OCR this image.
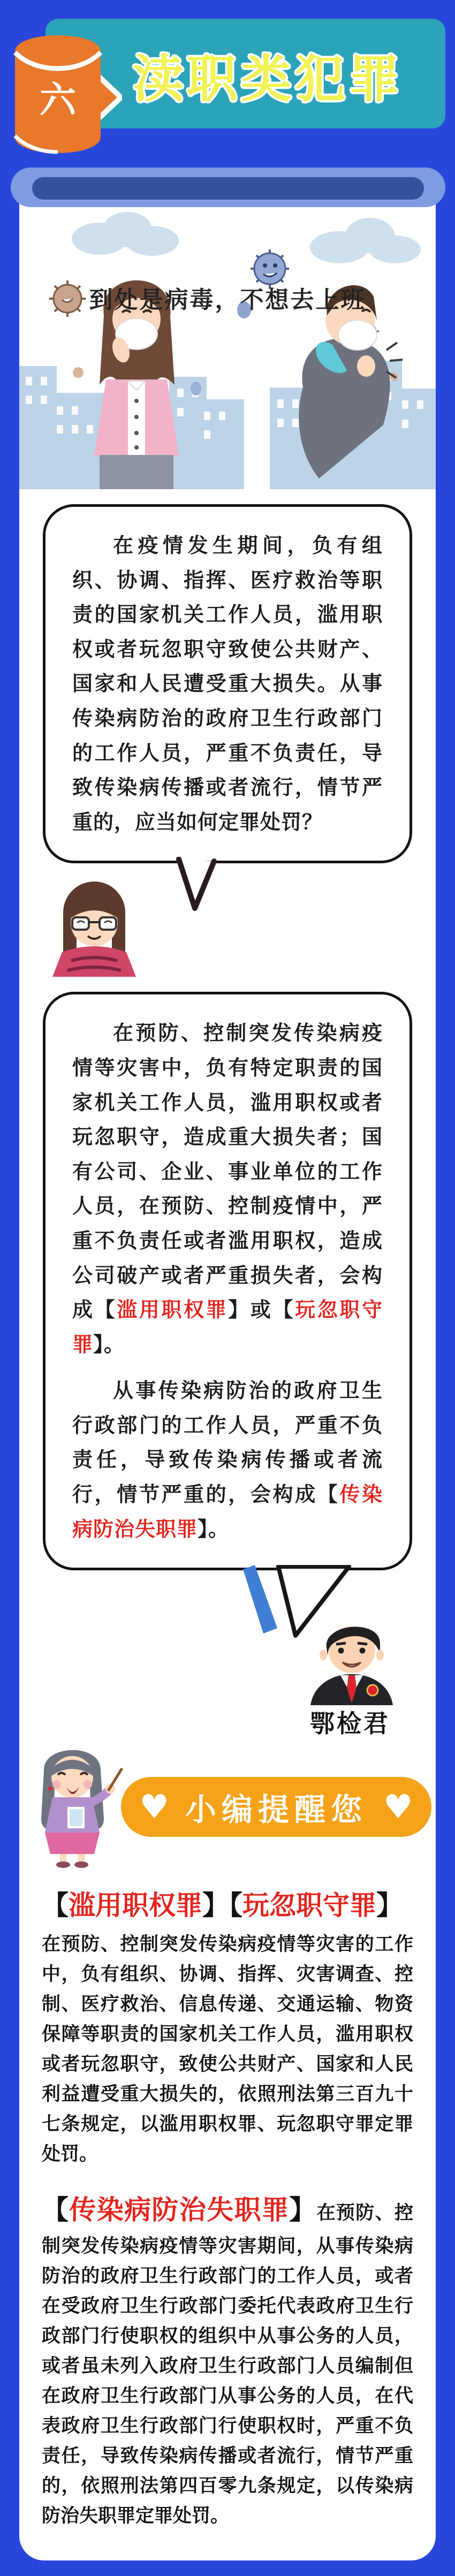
渎职类犯罪
六
到处是病毒，不想去上班

在疫情发生期间，负有组织、协调、指挥、医疗救治等职责的国家机关工作人员，滥用职权或者玩忽职守致使公共财产、国家和人民遭受重大损失。从事传染病防治的政府卫生行政部门的工作人员，严重不负责任，导致传染病传播或者流行，情节严重的，应当如何定罪处罚？

在预防、控制突发传染病疫情等灾害中，负有特定职责的国家机关工作人员，滥用职权或者玩忽职守，造成重大损失者；国有公司、企业、事业单位的工作人员，在预防、控制疫情中，严重不负责任或者滥用职权，造成公司破产或者严重损失者，会构成【滥用职权罪】或【玩忽职守罪】。

从事传染病防治的政府卫生行政部门的工作人员，严重不负责任，导致传染病传播或者流行，情节严重的，会构成【传染病防治失职罪】。

鄂检君
♥ 小编提醒您 ♥
【滥用职权罪】【玩忽职守罪】
在预防、控制突发传染病疫情等灾害的工作中，负有组织、协调、指挥、灾害调查、控制、医疗救治、信息传递、交通运输、物资保障等职责的国家机关工作人员，滥用职权或者玩忽职守，致使公共财产、国家和人民利益遭受重大损失的，依照刑法第三百九十七条规定，以滥用职权罪、玩忽职守罪定罪处罚。
【传染病防治失职罪】在预防、控制突发传染病疫情等灾害期间，从事传染病防治的政府卫生行政部门的工作人员，或者在受政府卫生行政部门委托代表政府卫生行政部门行使职权的组织中从事公务的人员，或者虽未列入政府卫生行政部门人员编制但在政府卫生行政部门从事公务的人员，在代表政府卫生行政部门行使职权时，严重不负责任，导致传染病传播或者流行，情节严重的，依照刑法第四百零九条规定，以传染病防治失职罪定罪处罚。
